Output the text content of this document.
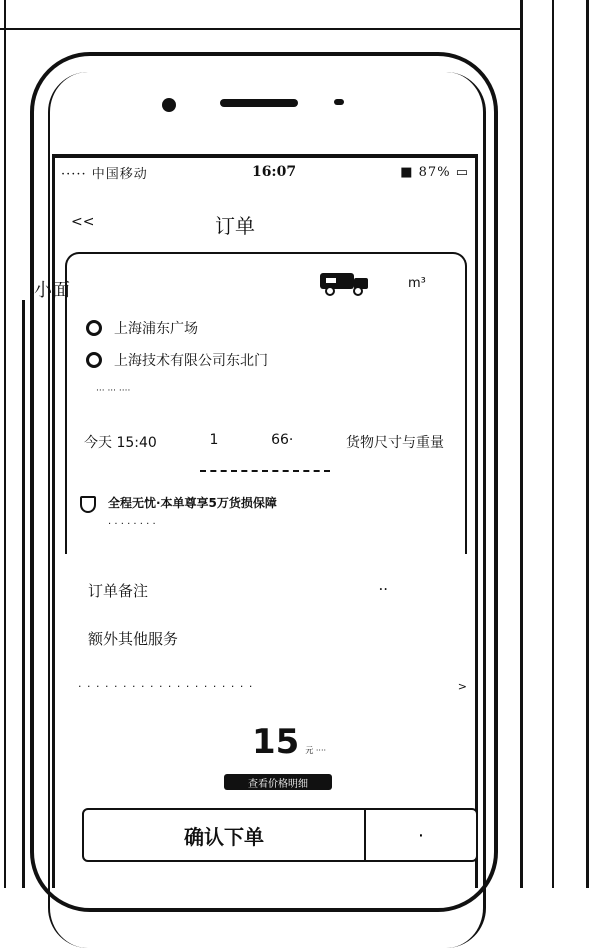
····· 中国移动	16:07	■ 87% ▭
<<	订单
小面	m³
上海浦东广场
上海技术有限公司东北门
··· ··· ····
今天 15:40	1	66·	货物尺寸与重量
全程无忧·本单尊享5万货损保障
· · · · · · · ·
订单备注	··
额外其他服务
· · · · · · · · · · · · · · · · · · · ·	>
15 元 ····
查看价格明细
确认下单	·
